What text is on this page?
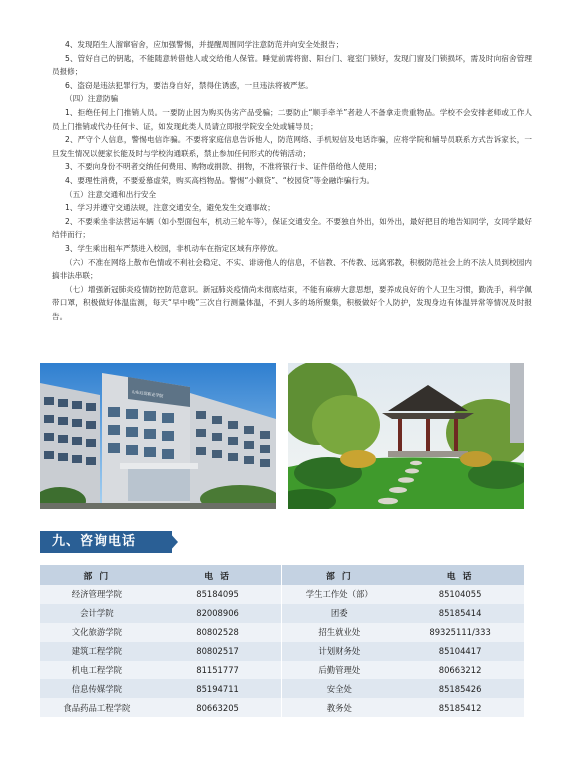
4、发现陌生人溜窜宿舍，应加强警惕，并提醒周围同学注意防范并向安全处报告；

5、管好自己的钥匙，不能随意转借他人或交给他人保管。睡觉前需将窗、阳台门、寝室门锁好，发现门窗及门锁损坏，需及时向宿舍管理员报修；

6、盗窃是违法犯罪行为，要洁身自好，禁得住诱惑，一旦违法将被严惩。

（四）注意防骗

1、拒绝任何上门推销人员。一要防止因为购买伪劣产品受骗；二要防止“顺手牵羊”者趁人不备拿走贵重物品。学校不会安排老师或工作人员上门推销或代办任何卡、证，如发现此类人员请立即报学院安全处或辅导员；

2、严守个人信息，警惕电信诈骗。不要将家庭信息告诉他人，防范网络、手机短信及电话诈骗，应将学院和辅导员联系方式告诉家长，一旦发生情况以便家长能及时与学校沟通联系，禁止参加任何形式的传销活动；

3、不要向身份不明者交纳任何费用、购物或捐款、捐物，不准将银行卡、证件借给他人使用；

4、要理性消费，不要爱慕虚荣，购买高档物品。警惕“小额贷”、“校园贷”等金融诈骗行为。

（五）注意交通和出行安全

1、学习并遵守交通法规，注意交通安全，避免发生交通事故；

2、不要乘坐非法营运车辆（如小型面包车，机动三轮车等），保证交通安全。不要独自外出，如外出，最好把目的地告知同学，女同学最好结伴而行；

3、学生乘出租车严禁进入校园，非机动车在指定区域有序停放。

（六）不准在网络上散布色情或不利社会稳定、不实、诽谤他人的信息，不信教、不传教、远离邪教，积极防范社会上的不法人员到校园内搞非法串联；

（七）增强新冠肺炎疫情防控防范意识。新冠肺炎疫情尚未彻底结束，不能有麻痹大意思想，要养成良好的个人卫生习惯，勤洗手，科学佩带口罩，积极做好体温监测，每天“早中晚”三次自行测量体温，不到人多的场所聚集，积极做好个人防护，发现身边有体温异常等情况及时报告。

山东经贸职业学院
九、咨询电话
部 门	电 话	部 门	电 话
经济管理学院	85184095	学生工作处（部）	85104055
会计学院	82008906	团委	85185414
文化旅游学院	80802528	招生就业处	89325111/333
建筑工程学院	80802517	计划财务处	85104417
机电工程学院	81151777	后勤管理处	80663212
信息传媒学院	85194711	安全处	85185426
食品药品工程学院	80663205	教务处	85185412
